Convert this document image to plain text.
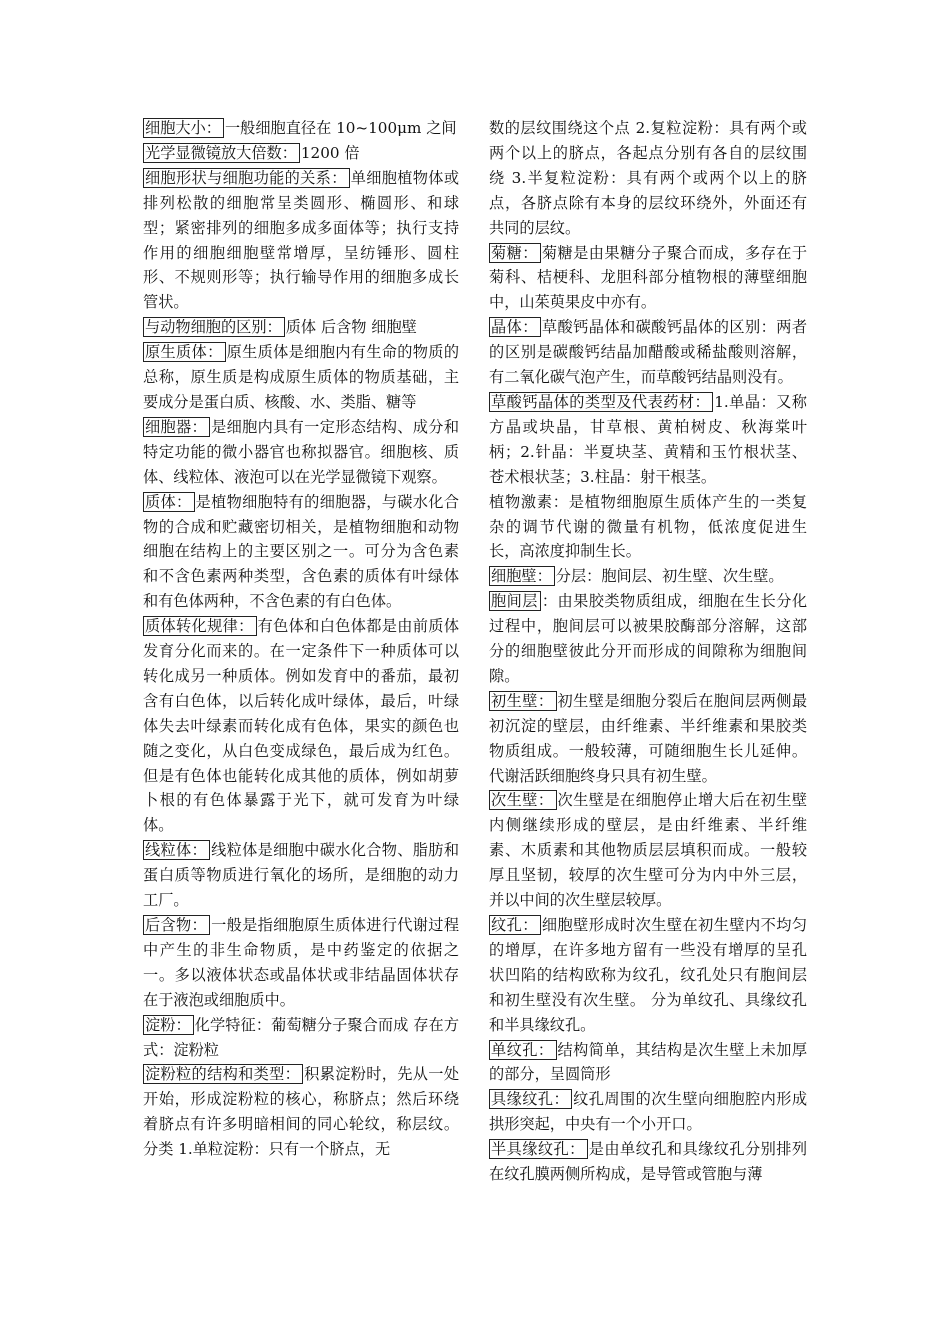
细胞大小： 一般细胞直径在 10~100μm 之间

光学显微镜放大倍数： 1200 倍

细胞形状与细胞功能的关系： 单细胞植物体或排列松散的细胞常呈类圆形、椭圆形、和球型；紧密排列的细胞多成多面体等；执行支持作用的细胞细胞壁常增厚，呈纺锤形、圆柱形、不规则形等；执行输导作用的细胞多成长管状。

与动物细胞的区别： 质体 后含物 细胞壁

原生质体： 原生质体是细胞内有生命的物质的总称，原生质是构成原生质体的物质基础，主要成分是蛋白质、核酸、水、类脂、糖等

细胞器： 是细胞内具有一定形态结构、成分和特定功能的微小器官也称拟器官。细胞核、质体、线粒体、液泡可以在光学显微镜下观察。

质体： 是植物细胞特有的细胞器，与碳水化合物的合成和贮藏密切相关，是植物细胞和动物细胞在结构上的主要区别之一。可分为含色素和不含色素两种类型，含色素的质体有叶绿体和有色体两种，不含色素的有白色体。

质体转化规律： 有色体和白色体都是由前质体发育分化而来的。在一定条件下一种质体可以转化成另一种质体。例如发育中的番茄，最初含有白色体，以后转化成叶绿体，最后，叶绿体失去叶绿素而转化成有色体，果实的颜色也随之变化，从白色变成绿色，最后成为红色。 但是有色体也能转化成其他的质体，例如胡萝卜根的有色体暴露于光下，就可发育为叶绿体。

线粒体： 线粒体是细胞中碳水化合物、脂肪和蛋白质等物质进行氧化的场所，是细胞的动力工厂。

后含物： 一般是指细胞原生质体进行代谢过程中产生的非生命物质，是中药鉴定的依据之一。多以液体状态或晶体状或非结晶固体状存在于液泡或细胞质中。

淀粉： 化学特征：葡萄糖分子聚合而成 存在方式：淀粉粒

淀粉粒的结构和类型： 积累淀粉时，先从一处开始，形成淀粉粒的核心，称脐点；然后环绕着脐点有许多明暗相间的同心轮纹，称层纹。分类 1.单粒淀粉：只有一个脐点，无

数的层纹围绕这个点 2.复粒淀粉：具有两个或两个以上的脐点，各起点分别有各自的层纹围绕 3.半复粒淀粉：具有两个或两个以上的脐点，各脐点除有本身的层纹环绕外，外面还有共同的层纹。

菊糖： 菊糖是由果糖分子聚合而成，多存在于菊科、桔梗科、龙胆科部分植物根的薄壁细胞中，山茱萸果皮中亦有。

晶体： 草酸钙晶体和碳酸钙晶体的区别：两者的区别是碳酸钙结晶加醋酸或稀盐酸则溶解， 有二氧化碳气泡产生，而草酸钙结晶则没有。

草酸钙晶体的类型及代表药材： 1.单晶：又称方晶或块晶，甘草根、黄柏树皮、秋海棠叶柄；2.针晶：半夏块茎、黄精和玉竹根状茎、苍术根状茎；3.柱晶：射干根茎。

植物激素：是植物细胞原生质体产生的一类复杂的调节代谢的微量有机物，低浓度促进生长，高浓度抑制生长。

细胞壁： 分层：胞间层、初生壁、次生壁。

胞间层 ：由果胶类物质组成，细胞在生长分化过程中，胞间层可以被果胶酶部分溶解，这部分的细胞壁彼此分开而形成的间隙称为细胞间隙。

初生壁： 初生壁是细胞分裂后在胞间层两侧最初沉淀的壁层，由纤维素、半纤维素和果胶类物质组成。一般较薄，可随细胞生长儿延伸。代谢活跃细胞终身只具有初生壁。

次生壁： 次生壁是在细胞停止增大后在初生壁内侧继续形成的壁层，是由纤维素、半纤维素、木质素和其他物质层层填积而成。一般较厚且坚韧，较厚的次生壁可分为内中外三层，并以中间的次生壁层较厚。

纹孔： 细胞壁形成时次生壁在初生壁内不均匀的增厚，在许多地方留有一些没有增厚的呈孔状凹陷的结构欧称为纹孔，纹孔处只有胞间层和初生壁没有次生壁。 分为单纹孔、具缘纹孔和半具缘纹孔。

单纹孔： 结构简单，其结构是次生壁上未加厚的部分，呈圆筒形

具缘纹孔： 纹孔周围的次生壁向细胞腔内形成拱形突起，中央有一个小开口。

半具缘纹孔： 是由单纹孔和具缘纹孔分别排列在纹孔膜两侧所构成，是导管或管胞与薄
